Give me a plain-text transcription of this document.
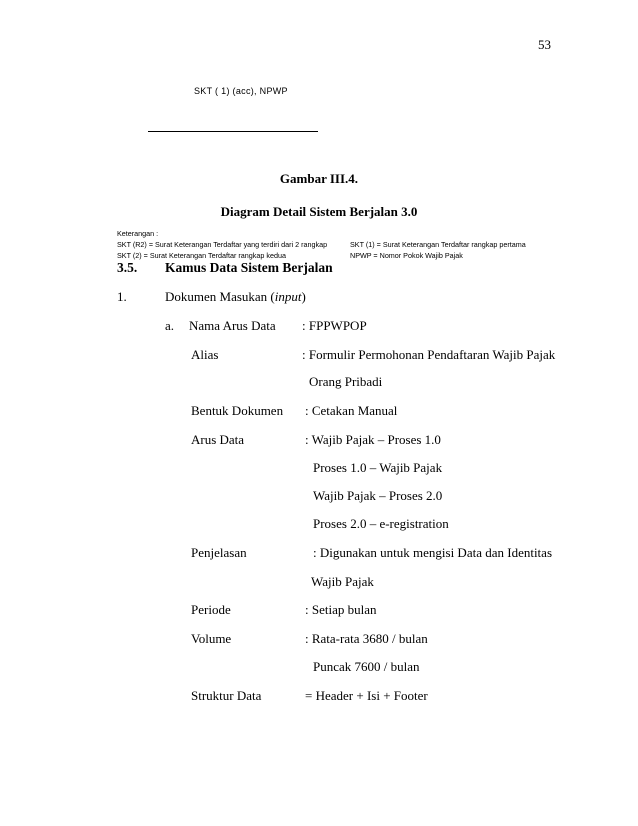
53
SKT ( 1) (acc), NPWP
Gambar III.4.
Diagram Detail Sistem Berjalan 3.0
Keterangan :
SKT (R2) = Surat Keterangan Terdaftar yang terdiri dari 2 rangkap
SKT (2) = Surat Keterangan Terdaftar rangkap kedua
SKT (1) = Surat Keterangan Terdaftar rangkap pertama
NPWP = Nomor Pokok Wajib Pajak
3.5. Kamus Data Sistem Berjalan
1.	Dokumen Masukan (input)
a. Nama Arus Data : FPPWPOP
Alias	: Formulir Permohonan Pendaftaran Wajib Pajak
Orang Pribadi
Bentuk Dokumen : Cetakan Manual
Arus Data	: Wajib Pajak – Proses 1.0
Proses 1.0 – Wajib Pajak
Wajib Pajak – Proses 2.0
Proses 2.0 – e-registration
Penjelasan	: Digunakan untuk mengisi Data dan Identitas
Wajib Pajak
Periode	: Setiap bulan
Volume	: Rata-rata 3680 / bulan
Puncak 7600 / bulan
Struktur Data	= Header + Isi + Footer
